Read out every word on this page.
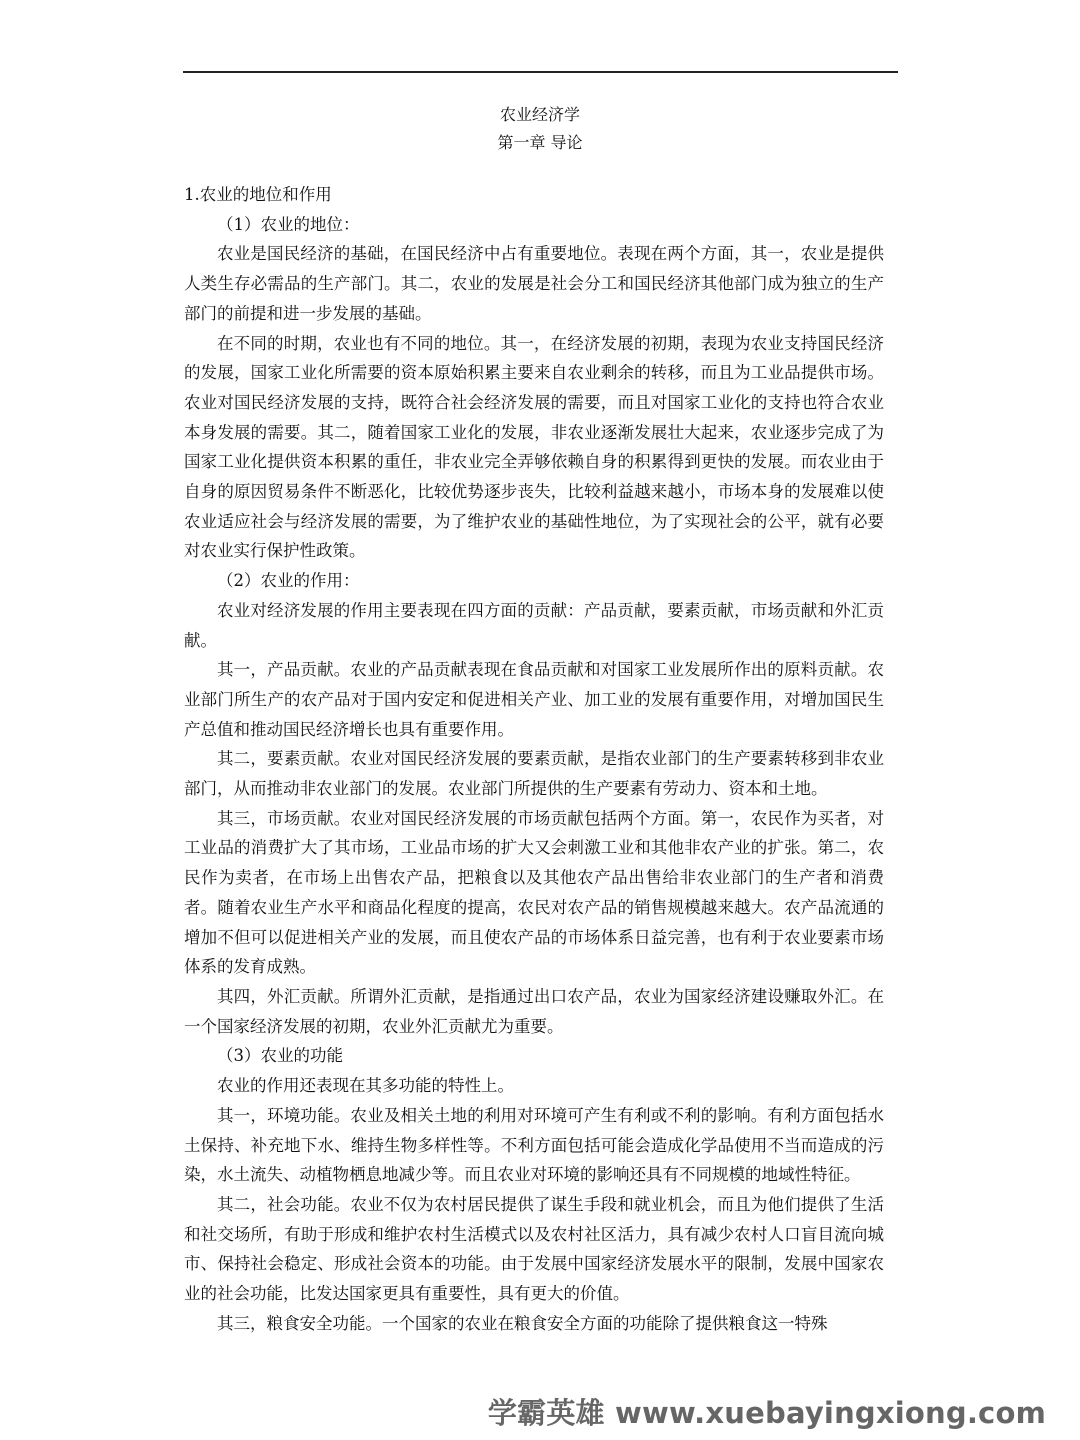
农业经济学
第一章 导论

1.农业的地位和作用

（1）农业的地位：

农业是国民经济的基础，在国民经济中占有重要地位。表现在两个方面，其一，农业是提供人类生存必需品的生产部门。其二，农业的发展是社会分工和国民经济其他部门成为独立的生产部门的前提和进一步发展的基础。

在不同的时期，农业也有不同的地位。其一，在经济发展的初期，表现为农业支持国民经济的发展，国家工业化所需要的资本原始积累主要来自农业剩余的转移，而且为工业品提供市场。农业对国民经济发展的支持，既符合社会经济发展的需要，而且对国家工业化的支持也符合农业本身发展的需要。其二，随着国家工业化的发展，非农业逐渐发展壮大起来，农业逐步完成了为国家工业化提供资本积累的重任，非农业完全弄够依赖自身的积累得到更快的发展。而农业由于自身的原因贸易条件不断恶化，比较优势逐步丧失，比较利益越来越小，市场本身的发展难以使农业适应社会与经济发展的需要，为了维护农业的基础性地位，为了实现社会的公平，就有必要对农业实行保护性政策。

（2）农业的作用：

农业对经济发展的作用主要表现在四方面的贡献：产品贡献，要素贡献，市场贡献和外汇贡献。

其一，产品贡献。农业的产品贡献表现在食品贡献和对国家工业发展所作出的原料贡献。农业部门所生产的农产品对于国内安定和促进相关产业、加工业的发展有重要作用，对增加国民生产总值和推动国民经济增长也具有重要作用。

其二，要素贡献。农业对国民经济发展的要素贡献，是指农业部门的生产要素转移到非农业部门，从而推动非农业部门的发展。农业部门所提供的生产要素有劳动力、资本和土地。

其三，市场贡献。农业对国民经济发展的市场贡献包括两个方面。第一，农民作为买者，对工业品的消费扩大了其市场，工业品市场的扩大又会刺激工业和其他非农产业的扩张。第二，农民作为卖者，在市场上出售农产品，把粮食以及其他农产品出售给非农业部门的生产者和消费者。随着农业生产水平和商品化程度的提高，农民对农产品的销售规模越来越大。农产品流通的增加不但可以促进相关产业的发展，而且使农产品的市场体系日益完善，也有利于农业要素市场体系的发育成熟。

其四，外汇贡献。所谓外汇贡献，是指通过出口农产品，农业为国家经济建设赚取外汇。在一个国家经济发展的初期，农业外汇贡献尤为重要。

（3）农业的功能

农业的作用还表现在其多功能的特性上。

其一，环境功能。农业及相关土地的利用对环境可产生有利或不利的影响。有利方面包括水土保持、补充地下水、维持生物多样性等。不利方面包括可能会造成化学品使用不当而造成的污染，水土流失、动植物栖息地减少等。而且农业对环境的影响还具有不同规模的地域性特征。

其二，社会功能。农业不仅为农村居民提供了谋生手段和就业机会，而且为他们提供了生活和社交场所，有助于形成和维护农村生活模式以及农村社区活力，具有减少农村人口盲目流向城市、保持社会稳定、形成社会资本的功能。由于发展中国家经济发展水平的限制，发展中国家农业的社会功能，比发达国家更具有重要性，具有更大的价值。

其三，粮食安全功能。一个国家的农业在粮食安全方面的功能除了提供粮食这一特殊

学霸英雄 www.xuebayingxiong.com
